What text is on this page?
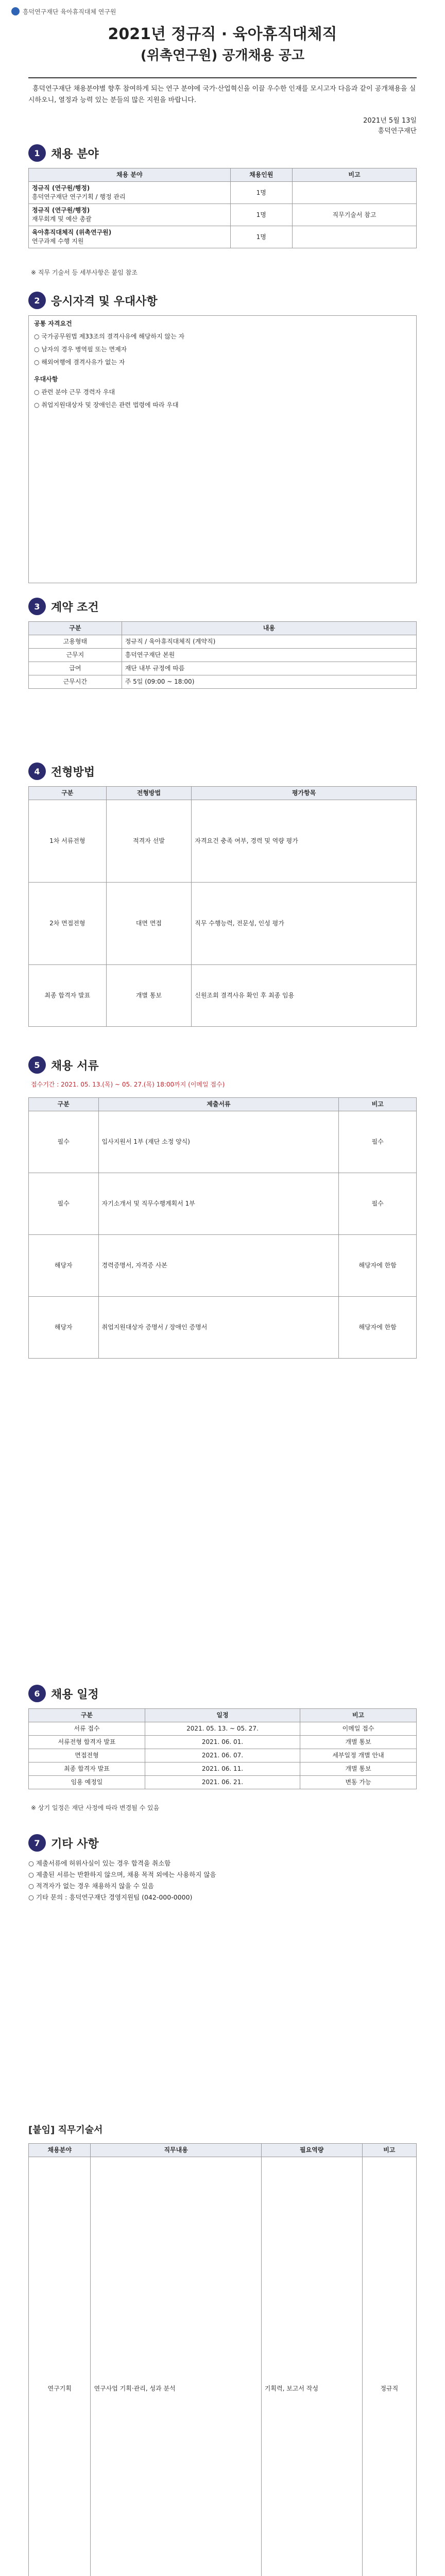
흥덕연구재단 육아휴직대체 연구원
2021년 정규직 · 육아휴직대체직
(위촉연구원) 공개채용 공고
흥덕연구재단 채용분야별 향후 참여하게 되는 연구 분야에 국가·산업혁신을 이끌 우수한 인재를 모시고자 다음과 같이 공개채용을 실시하오니, 열정과 능력 있는 분들의 많은 지원을 바랍니다.
2021년 5월 13일
흥덕연구재단
1 채용 분야
채용 분야	채용인원	비고
정규직 (연구원/행정)
흥덕연구재단 연구기획 / 행정 관리	1명	
정규직 (연구원/행정)
재무회계 및 예산 총괄	1명	직무기술서 참고
육아휴직대체직 (위촉연구원)
연구과제 수행 지원	1명	
※ 직무 기술서 등 세부사항은 붙임 참조
2 응시자격 및 우대사항

공통 자격요건

○ 국가공무원법 제33조의 결격사유에 해당하지 않는 자

○ 남자의 경우 병역필 또는 면제자

○ 해외여행에 결격사유가 없는 자

우대사항

○ 관련 분야 근무 경력자 우대

○ 취업지원대상자 및 장애인은 관련 법령에 따라 우대

3 계약 조건
구분	내용
고용형태	정규직 / 육아휴직대체직 (계약직)
근무지	흥덕연구재단 본원
급여	재단 내부 규정에 따름
근무시간	주 5일 (09:00 ~ 18:00)
4 전형방법
구분	전형방법	평가항목
1차 서류전형	적격자 선발	자격요건 충족 여부, 경력 및 역량 평가
2차 면접전형	대면 면접	직무 수행능력, 전문성, 인성 평가
최종 합격자 발표	개별 통보	신원조회 결격사유 확인 후 최종 임용
5 채용 서류
접수기간 : 2021. 05. 13.(목) ~ 05. 27.(목) 18:00까지 (이메일 접수)
구분	제출서류	비고
필수	입사지원서 1부 (재단 소정 양식)	필수
필수	자기소개서 및 직무수행계획서 1부	필수
해당자	경력증명서, 자격증 사본	해당자에 한함
해당자	취업지원대상자 증명서 / 장애인 증명서	해당자에 한함
6 채용 일정
구분	일정	비고
서류 접수	2021. 05. 13. ~ 05. 27.	이메일 접수
서류전형 합격자 발표	2021. 06. 01.	개별 통보
면접전형	2021. 06. 07.	세부일정 개별 안내
최종 합격자 발표	2021. 06. 11.	개별 통보
임용 예정일	2021. 06. 21.	변동 가능
※ 상기 일정은 재단 사정에 따라 변경될 수 있음
7 기타 사항
○ 제출서류에 허위사실이 있는 경우 합격을 취소함
○ 제출된 서류는 반환하지 않으며, 채용 목적 외에는 사용하지 않음
○ 적격자가 없는 경우 채용하지 않을 수 있음
○ 기타 문의 : 흥덕연구재단 경영지원팀 (042-000-0000)
[붙임] 직무기술서
채용분야	직무내용	필요역량	비고
연구기획	연구사업 기획·관리, 성과 분석	기획력, 보고서 작성	정규직
